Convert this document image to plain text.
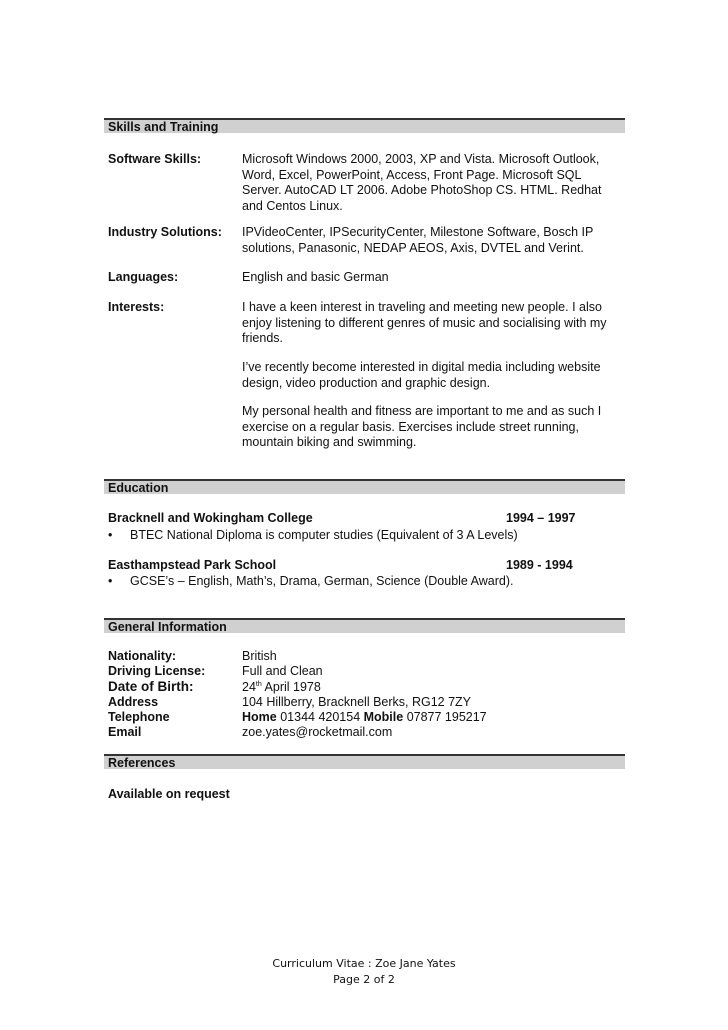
Skills and Training
Software Skills:	Microsoft Windows 2000, 2003, XP and Vista. Microsoft Outlook, Word, Excel, PowerPoint, Access, Front Page. Microsoft SQL Server. AutoCAD LT 2006. Adobe PhotoShop CS. HTML. Redhat and Centos Linux.
Industry Solutions: IPVideoCenter, IPSecurityCenter, Milestone Software, Bosch IP solutions, Panasonic, NEDAP AEOS, Axis, DVTEL and Verint.
Languages:	English and basic German
Interests:	I have a keen interest in traveling and meeting new people. I also enjoy listening to different genres of music and socialising with my friends.
I’ve recently become interested in digital media including website design, video production and graphic design.
My personal health and fitness are important to me and as such I exercise on a regular basis. Exercises include street running, mountain biking and swimming.
Education
Bracknell and Wokingham College	1994 – 1997
• BTEC National Diploma is computer studies (Equivalent of 3 A Levels)
Easthampstead Park School	1989 - 1994
• GCSE’s – English, Math’s, Drama, German, Science (Double Award).
General Information
Nationality:	British
Driving License:	Full and Clean
Date of Birth:	24th April 1978
Address	104 Hillberry, Bracknell Berks, RG12 7ZY
Telephone	Home 01344 420154 Mobile 07877 195217
Email	zoe.yates@rocketmail.com
References
Available on request
Curriculum Vitae : Zoe Jane Yates
Page 2 of 2
